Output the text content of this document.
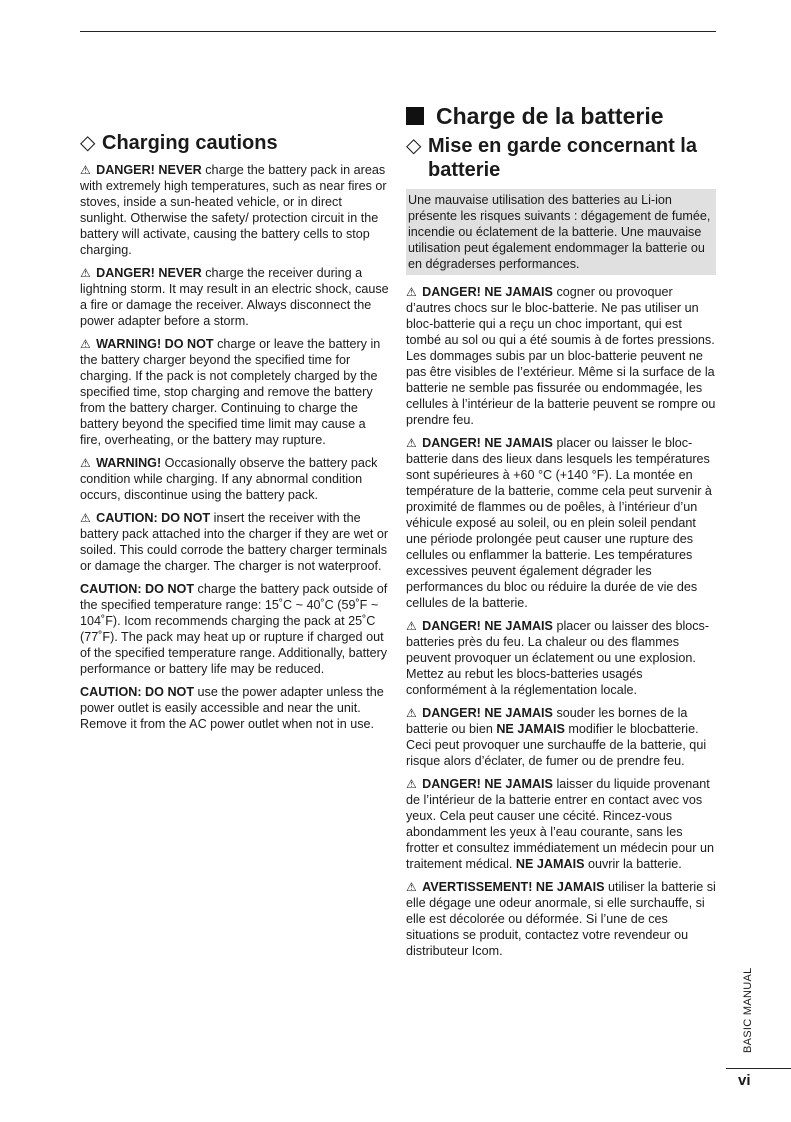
◇ Charging cautions

⚠ DANGER! NEVER charge the battery pack in areas with extremely high temperatures, such as near fires or stoves, inside a sun-heated vehicle, or in direct sunlight. Otherwise the safety/ protection circuit in the battery will activate, causing the battery cells to stop charging.

⚠ DANGER! NEVER charge the receiver during a lightning storm. It may result in an electric shock, cause a fire or damage the receiver. Always disconnect the power adapter before a storm.

⚠ WARNING! DO NOT charge or leave the battery in the battery charger beyond the specified time for charging. If the pack is not completely charged by the specified time, stop charging and remove the battery from the battery charger. Continuing to charge the battery beyond the specified time limit may cause a fire, overheating, or the battery may rupture.

⚠ WARNING! Occasionally observe the battery pack condition while charging. If any abnormal condition occurs, discontinue using the battery pack.

⚠ CAUTION: DO NOT insert the receiver with the battery pack attached into the charger if they are wet or soiled. This could corrode the battery charger terminals or damage the charger. The charger is not waterproof.

CAUTION: DO NOT charge the battery pack outside of the specified temperature range: 15˚C ~ 40˚C (59˚F ~ 104˚F). Icom recommends charging the pack at 25˚C (77˚F). The pack may heat up or rupture if charged out of the specified temperature range. Additionally, battery performance or battery life may be reduced.

CAUTION: DO NOT use the power adapter unless the power outlet is easily accessible and near the unit. Remove it from the AC power outlet when not in use.

Charge de la batterie
◇ Mise en garde concernant la batterie
Une mauvaise utilisation des batteries au Li-ion présente les risques suivants : dégagement de fumée, incendie ou éclatement de la batterie. Une mauvaise utilisation peut également endommager la batterie ou en dégraderses performances.

⚠ DANGER! NE JAMAIS cogner ou provoquer d’autres chocs sur le bloc-batterie. Ne pas utiliser un bloc-batterie qui a reçu un choc important, qui est tombé au sol ou qui a été soumis à de fortes pressions. Les dommages subis par un bloc-batterie peuvent ne pas être visibles de l’extérieur. Même si la surface de la batterie ne semble pas fissurée ou endommagée, les cellules à l’intérieur de la batterie peuvent se rompre ou prendre feu.

⚠ DANGER! NE JAMAIS placer ou laisser le bloc-batterie dans des lieux dans lesquels les températures sont supérieures à +60 °C (+140 °F). La montée en température de la batterie, comme cela peut survenir à proximité de flammes ou de poêles, à l’intérieur d’un véhicule exposé au soleil, ou en plein soleil pendant une période prolongée peut causer une rupture des cellules ou enflammer la batterie. Les températures excessives peuvent également dégrader les performances du bloc ou réduire la durée de vie des cellules de la batterie.

⚠ DANGER! NE JAMAIS placer ou laisser des blocs-batteries près du feu. La chaleur ou des flammes peuvent provoquer un éclatement ou une explosion. Mettez au rebut les blocs-batteries usagés conformément à la réglementation locale.

⚠ DANGER! NE JAMAIS souder les bornes de la batterie ou bien NE JAMAIS modifier le blocbatterie. Ceci peut provoquer une surchauffe de la batterie, qui risque alors d’éclater, de fumer ou de prendre feu.

⚠ DANGER! NE JAMAIS laisser du liquide provenant de l’intérieur de la batterie entrer en contact avec vos yeux. Cela peut causer une cécité. Rincez-vous abondamment les yeux à l’eau courante, sans les frotter et consultez immédiatement un médecin pour un traitement médical. NE JAMAIS ouvrir la batterie.

⚠ AVERTISSEMENT! NE JAMAIS utiliser la batterie si elle dégage une odeur anormale, si elle surchauffe, si elle est décolorée ou déformée. Si l’une de ces situations se produit, contactez votre revendeur ou distributeur Icom.

BASIC MANUAL
vi
